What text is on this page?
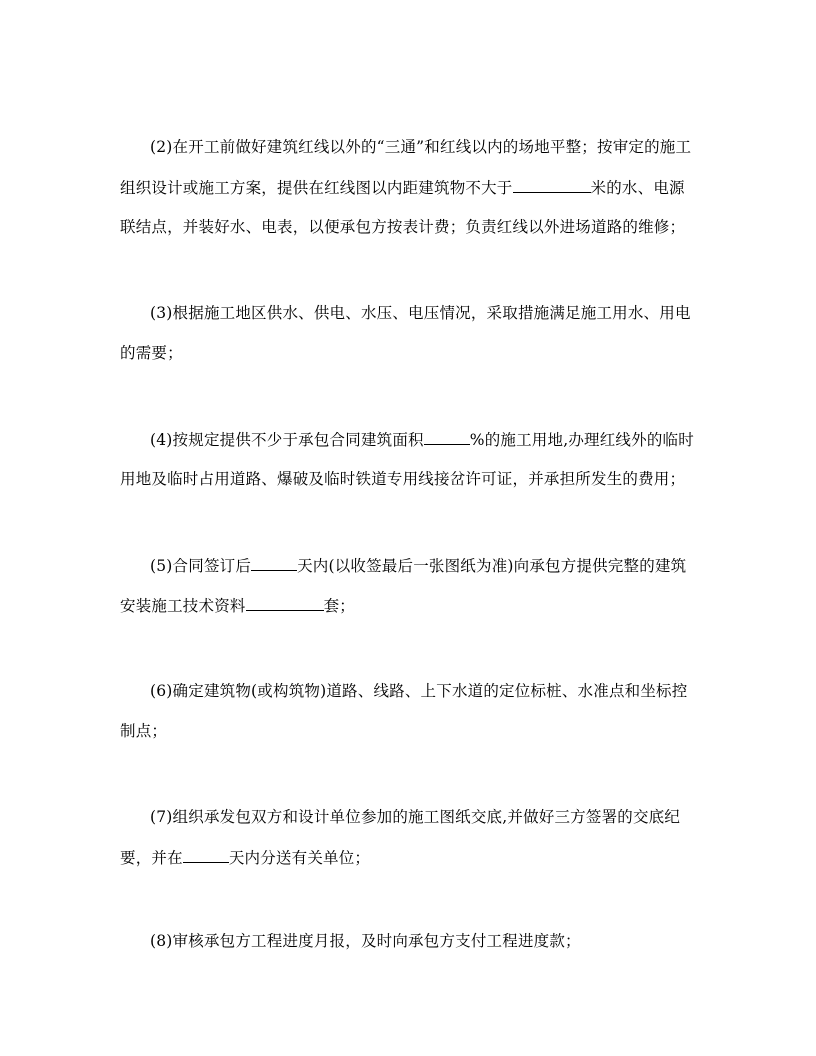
(2)在开工前做好建筑红线以外的“三通”和红线以内的场地平整；按审定的施工
组织设计或施工方案，提供在红线图以内距建筑物不大于	米的水、电源
联结点，并装好水、电表，以便承包方按表计费；负责红线以外进场道路的维修；
(3)根据施工地区供水、供电、水压、电压情况，采取措施满足施工用水、用电
的需要；
(4)按规定提供不少于承包合同建筑面积	%的施工用地,办理红线外的临时
用地及临时占用道路、爆破及临时铁道专用线接岔许可证，并承担所发生的费用；
(5)合同签订后	天内(以收签最后一张图纸为准)向承包方提供完整的建筑
安装施工技术资料	套；
(6)确定建筑物(或构筑物)道路、线路、上下水道的定位标桩、水准点和坐标控
制点；
(7)组织承发包双方和设计单位参加的施工图纸交底,并做好三方签署的交底纪
要，并在	天内分送有关单位；
(8)审核承包方工程进度月报，及时向承包方支付工程进度款；
